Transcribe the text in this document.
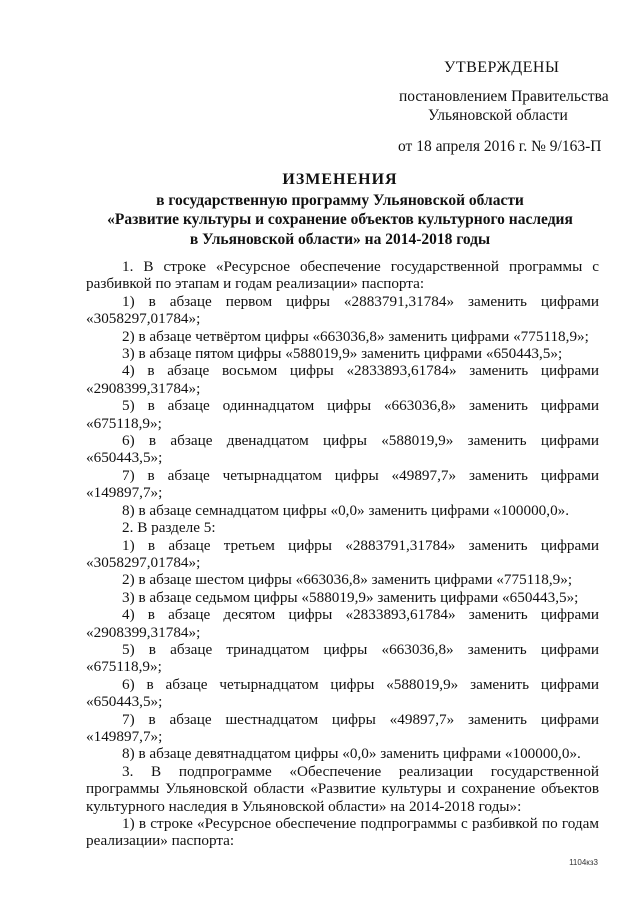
УТВЕРЖДЕНЫ
постановлением Правительства
Ульяновской области
от 18 апреля 2016 г. № 9/163-П
ИЗМЕНЕНИЯ
в государственную программу Ульяновской области
«Развитие культуры и сохранение объектов культурного наследия
в Ульяновской области» на 2014-2018 годы

1. В строке «Ресурсное обеспечение государственной программы с разбивкой по этапам и годам реализации» паспорта:

1) в абзаце первом цифры «2883791,31784» заменить цифрами «3058297,01784»;

2) в абзаце четвёртом цифры «663036,8» заменить цифрами «775118,9»;

3) в абзаце пятом цифры «588019,9» заменить цифрами «650443,5»;

4) в абзаце восьмом цифры «2833893,61784» заменить цифрами «2908399,31784»;

5) в абзаце одиннадцатом цифры «663036,8» заменить цифрами «675118,9»;

6) в абзаце двенадцатом цифры «588019,9» заменить цифрами «650443,5»;

7) в абзаце четырнадцатом цифры «49897,7» заменить цифрами «149897,7»;

8) в абзаце семнадцатом цифры «0,0» заменить цифрами «100000,0».

2. В разделе 5:

1) в абзаце третьем цифры «2883791,31784» заменить цифрами «3058297,01784»;

2) в абзаце шестом цифры «663036,8» заменить цифрами «775118,9»;

3) в абзаце седьмом цифры «588019,9» заменить цифрами «650443,5»;

4) в абзаце десятом цифры «2833893,61784» заменить цифрами «2908399,31784»;

5) в абзаце тринадцатом цифры «663036,8» заменить цифрами «675118,9»;

6) в абзаце четырнадцатом цифры «588019,9» заменить цифрами «650443,5»;

7) в абзаце шестнадцатом цифры «49897,7» заменить цифрами «149897,7»;

8) в абзаце девятнадцатом цифры «0,0» заменить цифрами «100000,0».

3. В подпрограмме «Обеспечение реализации государственной программы Ульяновской области «Развитие культуры и сохранение объектов культурного наследия в Ульяновской области» на 2014-2018 годы»:

1) в строке «Ресурсное обеспечение подпрограммы с разбивкой по годам реализации» паспорта:

1104кз3
